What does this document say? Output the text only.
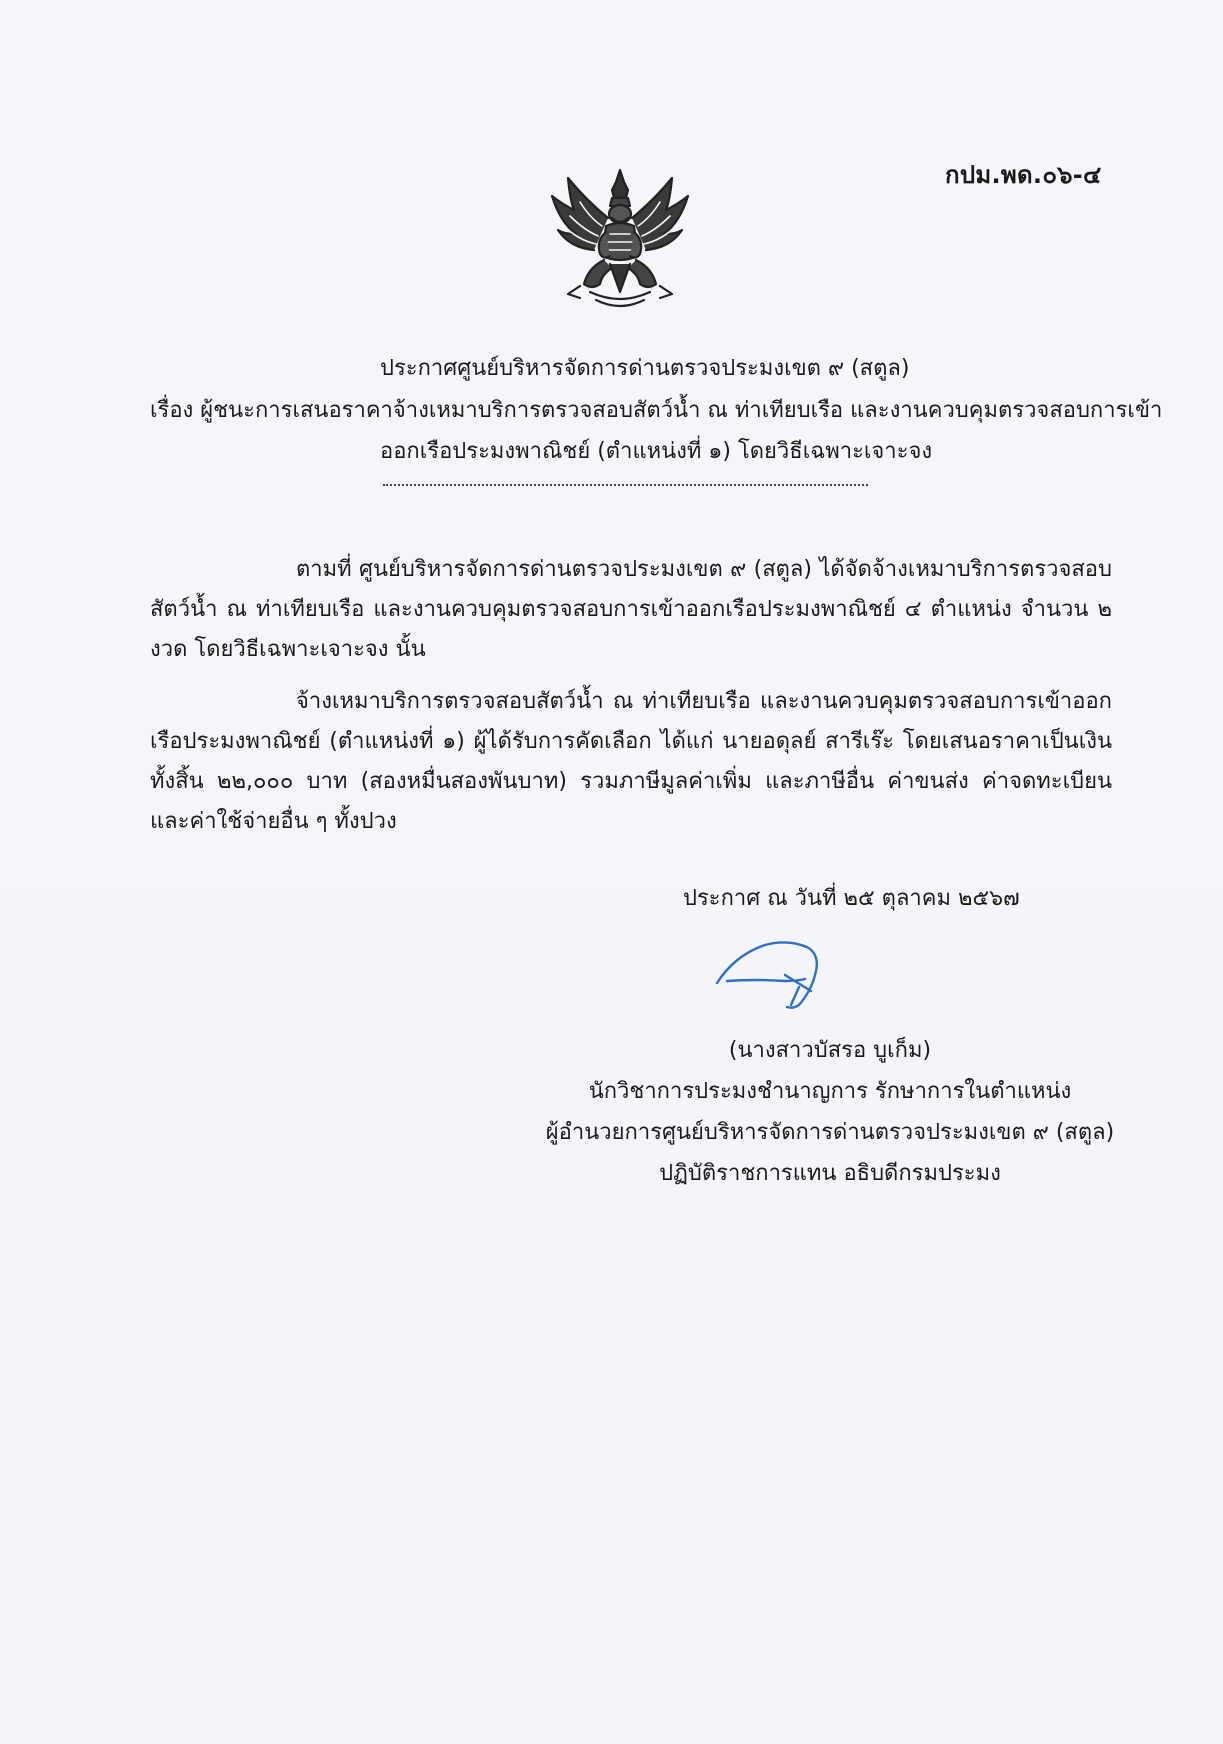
กปม.พด.๐๖-๔
ประกาศศูนย์บริหารจัดการด่านตรวจประมงเขต ๙ (สตูล)
เรื่อง ผู้ชนะการเสนอราคาจ้างเหมาบริการตรวจสอบสัตว์น้ำ ณ ท่าเทียบเรือ และงานควบคุมตรวจสอบการเข้า
ออกเรือประมงพาณิชย์ (ตำแหน่งที่ ๑) โดยวิธีเฉพาะเจาะจง

ตามที่ ศูนย์บริหารจัดการด่านตรวจประมงเขต ๙ (สตูล) ได้จัดจ้างเหมาบริการตรวจสอบสัตว์น้ำ ณ ท่าเทียบเรือ และงานควบคุมตรวจสอบการเข้าออกเรือประมงพาณิชย์ ๔ ตำแหน่ง จำนวน ๒ งวด โดยวิธีเฉพาะเจาะจง นั้น

จ้างเหมาบริการตรวจสอบสัตว์น้ำ ณ ท่าเทียบเรือ และงานควบคุมตรวจสอบการเข้าออกเรือประมงพาณิชย์ (ตำแหน่งที่ ๑) ผู้ได้รับการคัดเลือก ได้แก่ นายอดุลย์ สารีเร๊ะ โดยเสนอราคาเป็นเงินทั้งสิ้น ๒๒,๐๐๐ บาท (สองหมื่นสองพันบาท) รวมภาษีมูลค่าเพิ่ม และภาษีอื่น ค่าขนส่ง ค่าจดทะเบียน และค่าใช้จ่ายอื่น ๆ ทั้งปวง

ประกาศ ณ วันที่ ๒๕ ตุลาคม ๒๕๖๗
(นางสาวบัสรอ บูเก็ม)
นักวิชาการประมงชำนาญการ รักษาการในตำแหน่ง
ผู้อำนวยการศูนย์บริหารจัดการด่านตรวจประมงเขต ๙ (สตูล)
ปฏิบัติราชการแทน อธิบดีกรมประมง
